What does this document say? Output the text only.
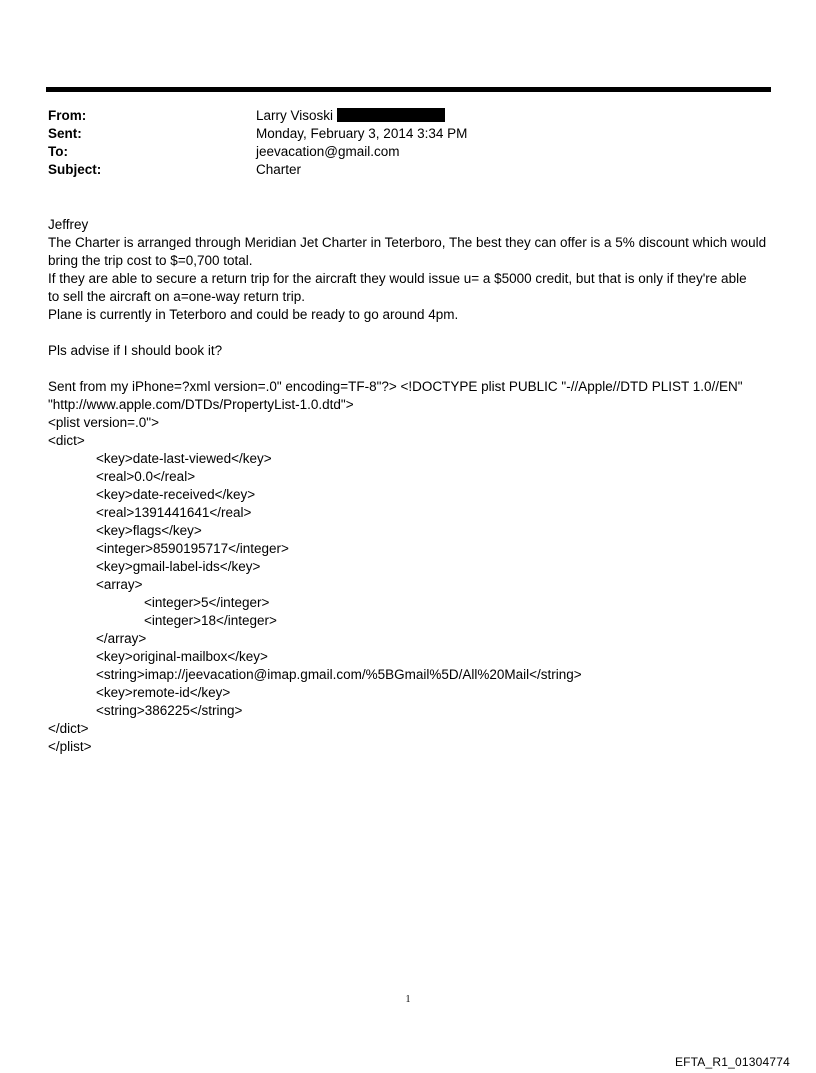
From:	Larry Visoski
Sent:	Monday, February 3, 2014 3:34 PM
To:	jeevacation@gmail.com
Subject:	Charter
Jeffrey
The Charter is arranged through Meridian Jet Charter in Teterboro, The best they can offer is a 5% discount which would
bring the trip cost to $=0,700 total.
If they are able to secure a return trip for the aircraft they would issue u= a $5000 credit, but that is only if they're able
to sell the aircraft on a=one-way return trip.
Plane is currently in Teterboro and could be ready to go around 4pm.
Pls advise if I should book it?
Sent from my iPhone=?xml version=.0" encoding=TF-8"?> <!DOCTYPE plist PUBLIC "-//Apple//DTD PLIST 1.0//EN"
"http://www.apple.com/DTDs/PropertyList-1.0.dtd">
<plist version=.0">
<dict>
<key>date-last-viewed</key>
<real>0.0</real>
<key>date-received</key>
<real>1391441641</real>
<key>flags</key>
<integer>8590195717</integer>
<key>gmail-label-ids</key>
<array>
<integer>5</integer>
<integer>18</integer>
</array>
<key>original-mailbox</key>
<string>imap://jeevacation@imap.gmail.com/%5BGmail%5D/All%20Mail</string>
<key>remote-id</key>
<string>386225</string>
</dict>
</plist>
1
EFTA_R1_01304774
